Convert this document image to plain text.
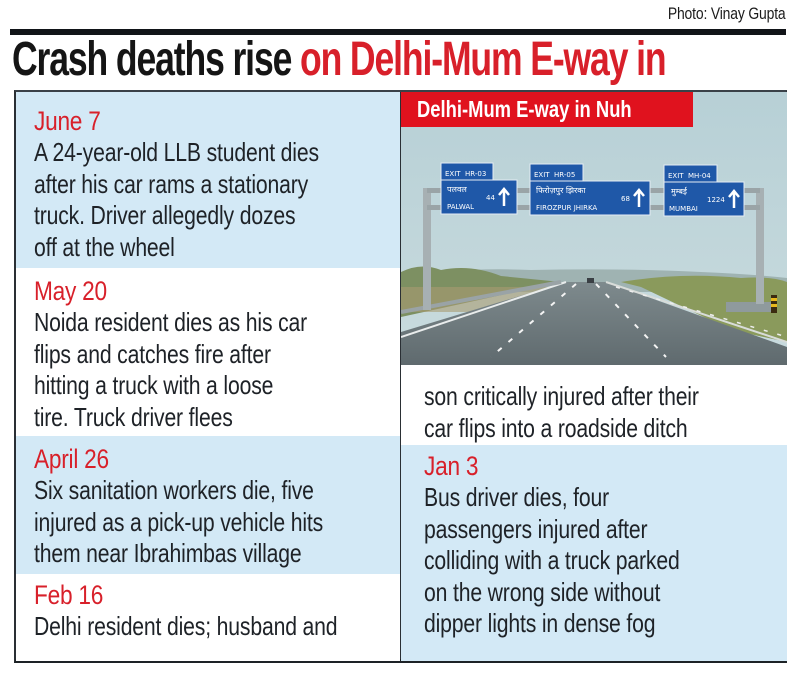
Photo: Vinay Gupta
Crash deaths rise on Delhi-Mum E-way in
June 7
A 24-year-old LLB student dies
after his car rams a stationary
truck. Driver allegedly dozes
off at the wheel
May 20
Noida resident dies as his car
flips and catches fire after
hitting a truck with a loose
tire. Truck driver flees
April 26
Six sanitation workers die, five
injured as a pick-up vehicle hits
them near Ibrahimbas village
Feb 16
Delhi resident dies; husband and
Delhi-Mum E-way in Nuh
EXIT HR-03
पलवल
PALWAL
44
EXIT HR-05
फिरोज़पुर झिरका
FIROZPUR JHIRKA
68
EXIT MH-04
मुम्बई
MUMBAI
1224
son critically injured after their
car flips into a roadside ditch
Jan 3
Bus driver dies, four
passengers injured after
colliding with a truck parked
on the wrong side without
dipper lights in dense fog
